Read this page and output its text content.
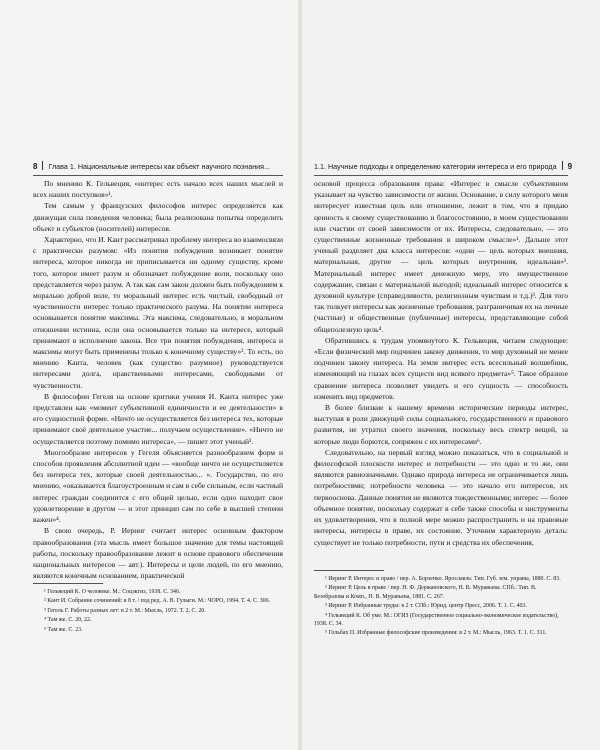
8 Глава 1. Национальные интересы как объект научного познания...

По мнению К. Гельвеция, «интерес есть начало всех наших мыслей и всех наших поступков»¹.

Тем самым у французских философов интерес определяется как движущая сила поведения человека; была реализована попытка определить объект и субъектов (носителей) интересов.

Характерно, что И. Кант рассматривал проблему интереса во взаимосвязи с практически разумом: «Из понятия побуждения возникает понятие интереса, которое никогда не приписывается ни одному существу, кроме того, которое имеет разум и обозначает побуждение воли, поскольку оно представляется через разум. А так как сам закон должен быть побуждением к морально доброй воле, то моральный интерес есть чистый, свободный от чувственности интерес только практического разума. На понятии интереса основывается понятие максимы. Эта максима, следовательно, в моральном отношении истинна, если она основывается только на интересе, который принимают в исполнение закона. Все три понятия побуждения, интереса и максимы могут быть применены только к конечному существу»². То есть, по мнению Канта, человек (как существо разумное) руководствуется интересами долга, нравственными интересами, свободными от чувственности.

В философии Гегеля на основе критики учения И. Канта интерес уже представлен как «момент субъективной единичности и ее деятельности» в его сущностной форме. «Ничто не осуществляется без интереса тех, которые принимают своё деятельное участие... получаем осуществление». «Ничто не осуществляется поэтому помимо интереса», — пишет этот ученый³.

Многообразие интересов у Гегеля объясняется разнообразием форм и способов проявления абсолютной идеи — «вообще ничто не осуществляется без интереса тех, которые своей деятельностью... ». Государство, по его мнению, «оказывается благоустроенным и сам в себе сильным, если частный интерес граждан соединится с его общей целью, если одно находит свое удовлетворение в другом — и этот принцип сам по себе в высшей степени важен»⁴.

В свою очередь, Р. Иеринг считает интерес основным фактором правообразования (эта мысль имеет большое значение для темы настоящей работы, поскольку правообразование лежит в основе правового обеспечения национальных интересов — авт.). Интересы и цели людей, по его мнению, являются конечным основанием, практической

¹ Гельвеций К. О человеке. М.: Соцэкгиз, 1938. С. 346.

² Кант И. Собрание сочинений: в 8 т. / под ред. А. В. Гулыги. М.: ЧОРО, 1994. Т. 4. С. 306.

³ Гегель Г. Работы разных лет: в 2 т. М.: Мысль, 1972. Т. 2. С. 20.

⁴ Там же. С. 20, 22.

⁵ Там же. С. 23.

1.1. Научные подходы к определению категории интереса и его природа 9

основой процесса образования права: «Интерес в смысле субъективном указывает на чувство зависимости от жизни. Основание, в силу которого меня интересует известная цель или отношение, лежит в том, что я придаю ценность к своему существованию и благосостоянию, в моем существовании или счастии от своей зависимости от их. Интересы, следовательно, — это существенные жизненные требования в широком смысле»¹. Дальше этот ученый разделяет два класса интересов: «одни — цель которых внешняя, материальная, другие — цель которых внутренняя, идеальная»². Материальный интерес имеет денежную меру, это имущественное содержание, связан с материальной выгодой; идеальный интерес относится к духовной культуре (справедливости, религиозным чувствам и т.д.)³. Для того так толкует интересы как жизненные требования, разграничивая их на личные (частные) и общественные (публичные) интересы, представляющие собой общеполезную цель⁴.

Обратившись к трудам упомянутого К. Гельвеция, читаем следующее: «Если физический мир подчинен закону движения, то мир духовный не менее подчинен закону интереса. На земле интерес есть всесильный волшебник, изменяющий на глазах всех существ вид всякого предмета»⁵. Такое образное сравнение интереса позволяет увидеть и его сущность — способность изменить вид предметов.

В более близкие к нашему времени исторические периоды интерес, выступая в роли движущей силы социального, государственного и правового развития, не утратил своего значения, поскольку весь спектр вещей, за которые люди борются, сопряжен с их интересами⁶.

Следовательно, на первый взгляд можно показаться, что в социальной и философской плоскости интерес и потребности — это одно и то же, они являются равнозначными. Однако природа интереса не ограничивается лишь потребностями; потребности человека — это начало его интересов, их первооснова. Данные понятия не являются тождественными; интерес — более объемное понятие, поскольку содержат в себе также способы и инструменты их удовлетворения, что в полной мере можно распространить и на правовые интересы, интересы в праве, их состояние. Уточним характерную деталь: существует не только потребности, пути и средства их обеспечения,

¹ Иеринг Р. Интерес и право / пер. А. Борзенко. Ярославль: Тип. Губ. зем. управы, 1880. С. 83.

² Иеринг Р. Цель в праве / пер. Н. Ф. Держановского, Н. В. Муравьева. СПб.: Тип. В. Безобразова и Комп., Н. В. Муравьева, 1881. С. 267.

³ Иеринг Р. Избранные труды: в 2 т. СПб.: Юрид. центр Пресс, 2006. Т. 1. С. 403.

⁴ Гельвеций К. Об уме. М.: ОГИЗ (Государственное социально-экономическое издательство), 1938. С. 34.

⁵ Гольбах П. Избранные философские произведения: в 2 т. М.: Мысль, 1963. Т. 1. С. 311.
